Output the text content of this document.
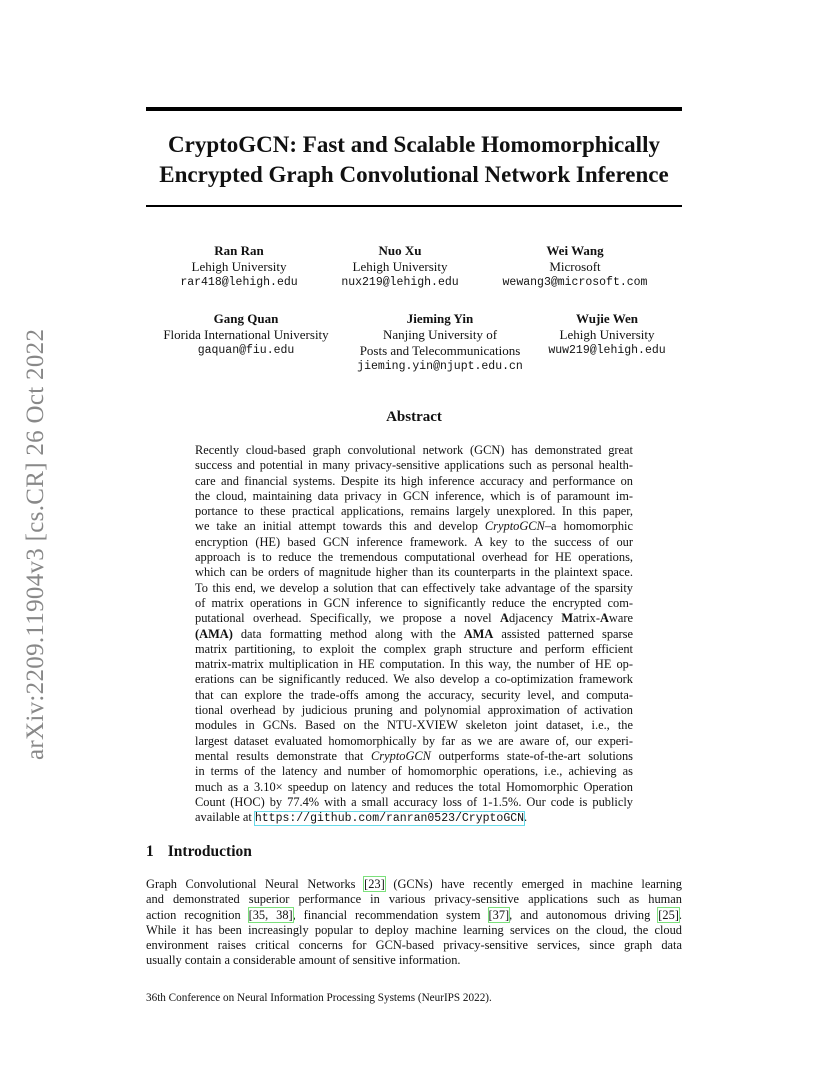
arXiv:2209.11904v3 [cs.CR] 26 Oct 2022
CryptoGCN: Fast and Scalable Homomorphically
Encrypted Graph Convolutional Network Inference
Ran Ran
Lehigh University
rar418@lehigh.edu
Nuo Xu
Lehigh University
nux219@lehigh.edu
Wei Wang
Microsoft
wewang3@microsoft.com
Gang Quan
Florida International University
gaquan@fiu.edu
Jieming Yin
Nanjing University of
Posts and Telecommunications
jieming.yin@njupt.edu.cn
Wujie Wen
Lehigh University
wuw219@lehigh.edu
Abstract
Recently cloud-based graph convolutional network (GCN) has demonstrated great
success and potential in many privacy-sensitive applications such as personal health-
care and financial systems. Despite its high inference accuracy and performance on
the cloud, maintaining data privacy in GCN inference, which is of paramount im-
portance to these practical applications, remains largely unexplored. In this paper,
we take an initial attempt towards this and develop CryptoGCN–a homomorphic
encryption (HE) based GCN inference framework. A key to the success of our
approach is to reduce the tremendous computational overhead for HE operations,
which can be orders of magnitude higher than its counterparts in the plaintext space.
To this end, we develop a solution that can effectively take advantage of the sparsity
of matrix operations in GCN inference to significantly reduce the encrypted com-
putational overhead. Specifically, we propose a novel Adjacency Matrix-Aware
(AMA) data formatting method along with the AMA assisted patterned sparse
matrix partitioning, to exploit the complex graph structure and perform efficient
matrix-matrix multiplication in HE computation. In this way, the number of HE op-
erations can be significantly reduced. We also develop a co-optimization framework
that can explore the trade-offs among the accuracy, security level, and computa-
tional overhead by judicious pruning and polynomial approximation of activation
modules in GCNs. Based on the NTU-XVIEW skeleton joint dataset, i.e., the
largest dataset evaluated homomorphically by far as we are aware of, our experi-
mental results demonstrate that CryptoGCN outperforms state-of-the-art solutions
in terms of the latency and number of homomorphic operations, i.e., achieving as
much as a 3.10× speedup on latency and reduces the total Homomorphic Operation
Count (HOC) by 77.4% with a small accuracy loss of 1-1.5%. Our code is publicly
available at https://github.com/ranran0523/CryptoGCN.
1 Introduction
Graph Convolutional Neural Networks [23] (GCNs) have recently emerged in machine learning
and demonstrated superior performance in various privacy-sensitive applications such as human
action recognition [35, 38], financial recommendation system [37], and autonomous driving [25].
While it has been increasingly popular to deploy machine learning services on the cloud, the cloud
environment raises critical concerns for GCN-based privacy-sensitive services, since graph data
usually contain a considerable amount of sensitive information.
36th Conference on Neural Information Processing Systems (NeurIPS 2022).
